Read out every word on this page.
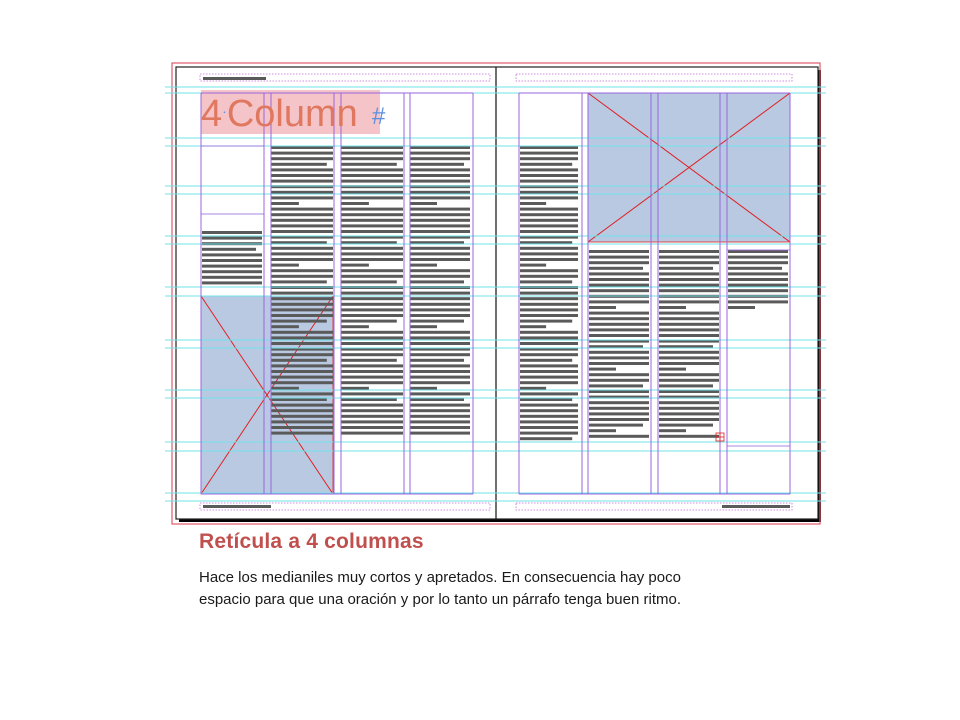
4·Column #
Retícula a 4 columnas

Hace los medianiles muy cortos y apretados. En consecuencia hay poco
espacio para que una oración y por lo tanto un párrafo tenga buen ritmo.
